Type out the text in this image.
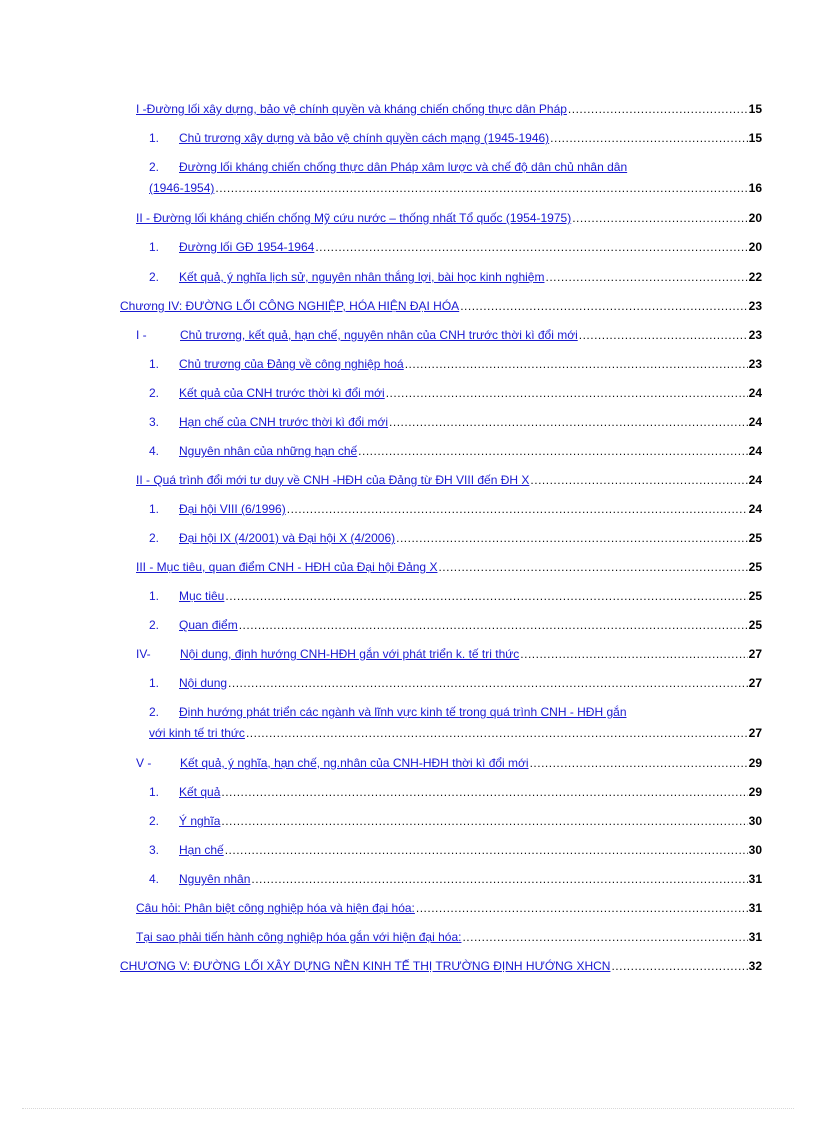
I -Đường lối xây dựng, bảo vệ chính quyền và kháng chiến chống thực dân Pháp .....	15
1. Chủ trương xây dựng và bảo vệ chính quyền cách mạng (1945-1946) .....	15
2. Đường lối kháng chiến chống thực dân Pháp xâm lược và chế độ dân chủ nhân dân
(1946-1954) .....	16
II - Đường lối kháng chiến chống Mỹ cứu nước – thống nhất Tổ quốc (1954-1975) .....	20
1. Đường lối GĐ 1954-1964 .....	20
2. Kết quả, ý nghĩa lịch sử, nguyên nhân thắng lợi, bài học kinh nghiệm .....	22
Chương IV: ĐƯỜNG LỐI CÔNG NGHIỆP, HÓA HIỆN ĐẠI HÓA .....	23
I -	Chủ trương, kết quả, hạn chế, nguyên nhân của CNH trước thời kì đổi mới .....	23
1. Chủ trương của Đảng về công nghiệp hoá .....	23
2. Kết quả của CNH trước thời kì đổi mới .....	24
3. Hạn chế của CNH trước thời kì đổi mới .....	24
4. Nguyên nhân của những hạn chế .....	24
II - Quá trình đổi mới tư duy về CNH -HĐH của Đảng từ ĐH VIII đến ĐH X .....	24
1. Đại hội VIII (6/1996) .....	24
2. Đại hội IX (4/2001) và Đại hội X (4/2006) .....	25
III - Mục tiêu, quan điểm CNH - HĐH của Đại hội Đảng X .....	25
1. Mục tiêu .....	25
2. Quan điểm .....	25
IV- Nội dung, định hướng CNH-HĐH gắn với phát triển k. tế tri thức .....	27
1. Nội dung .....	27
2. Định hướng phát triển các ngành và lĩnh vực kinh tế trong quá trình CNH - HĐH gắn
với kinh tế tri thức .....	27
V - Kết quả, ý nghĩa, hạn chế, ng.nhân của CNH-HĐH thời kì đổi mới .....	29
1. Kết quả .....	29
2. Ý nghĩa .....	30
3. Hạn chế .....	30
4. Nguyên nhân .....	31
Câu hỏi: Phân biệt công nghiệp hóa và hiện đại hóa: .....	31
Tại sao phải tiến hành công nghiệp hóa gắn với hiện đại hóa: .....	31
CHƯƠNG V: ĐƯỜNG LỐI XÂY DỰNG NỀN KINH TẾ THỊ TRƯỜNG ĐỊNH HƯỚNG XHCN .....	32
